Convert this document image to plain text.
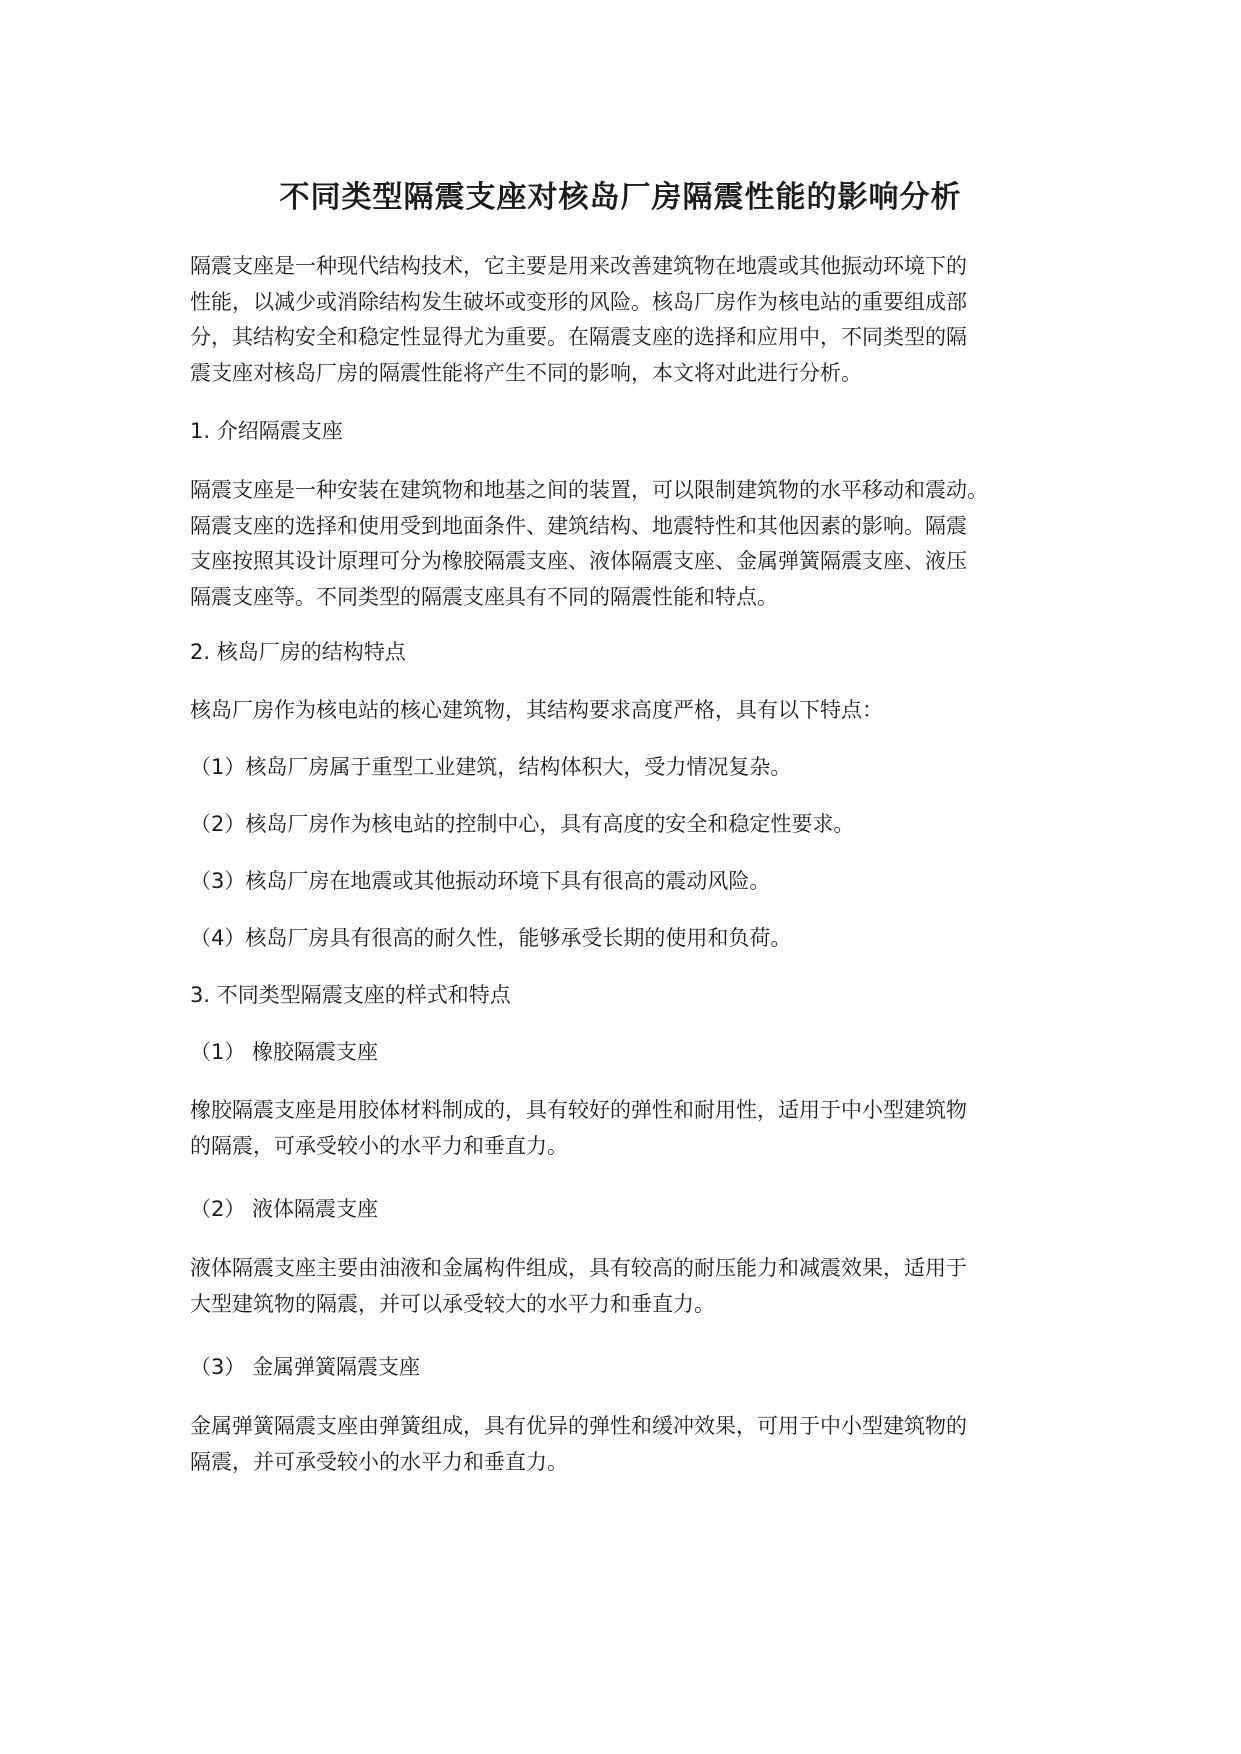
不同类型隔震支座对核岛厂房隔震性能的影响分析
隔震支座是一种现代结构技术，它主要是用来改善建筑物在地震或其他振动环境下的
性能，以减少或消除结构发生破坏或变形的风险。核岛厂房作为核电站的重要组成部
分，其结构安全和稳定性显得尤为重要。在隔震支座的选择和应用中，不同类型的隔
震支座对核岛厂房的隔震性能将产生不同的影响，本文将对此进行分析。
1. 介绍隔震支座
隔震支座是一种安装在建筑物和地基之间的装置，可以限制建筑物的水平移动和震动。
隔震支座的选择和使用受到地面条件、建筑结构、地震特性和其他因素的影响。隔震
支座按照其设计原理可分为橡胶隔震支座、液体隔震支座、金属弹簧隔震支座、液压
隔震支座等。不同类型的隔震支座具有不同的隔震性能和特点。
2. 核岛厂房的结构特点
核岛厂房作为核电站的核心建筑物，其结构要求高度严格，具有以下特点：
（1）核岛厂房属于重型工业建筑，结构体积大，受力情况复杂。
（2）核岛厂房作为核电站的控制中心，具有高度的安全和稳定性要求。
（3）核岛厂房在地震或其他振动环境下具有很高的震动风险。
（4）核岛厂房具有很高的耐久性，能够承受长期的使用和负荷。
3. 不同类型隔震支座的样式和特点
（1） 橡胶隔震支座
橡胶隔震支座是用胶体材料制成的，具有较好的弹性和耐用性，适用于中小型建筑物
的隔震，可承受较小的水平力和垂直力。
（2） 液体隔震支座
液体隔震支座主要由油液和金属构件组成，具有较高的耐压能力和减震效果，适用于
大型建筑物的隔震，并可以承受较大的水平力和垂直力。
（3） 金属弹簧隔震支座
金属弹簧隔震支座由弹簧组成，具有优异的弹性和缓冲效果，可用于中小型建筑物的
隔震，并可承受较小的水平力和垂直力。
